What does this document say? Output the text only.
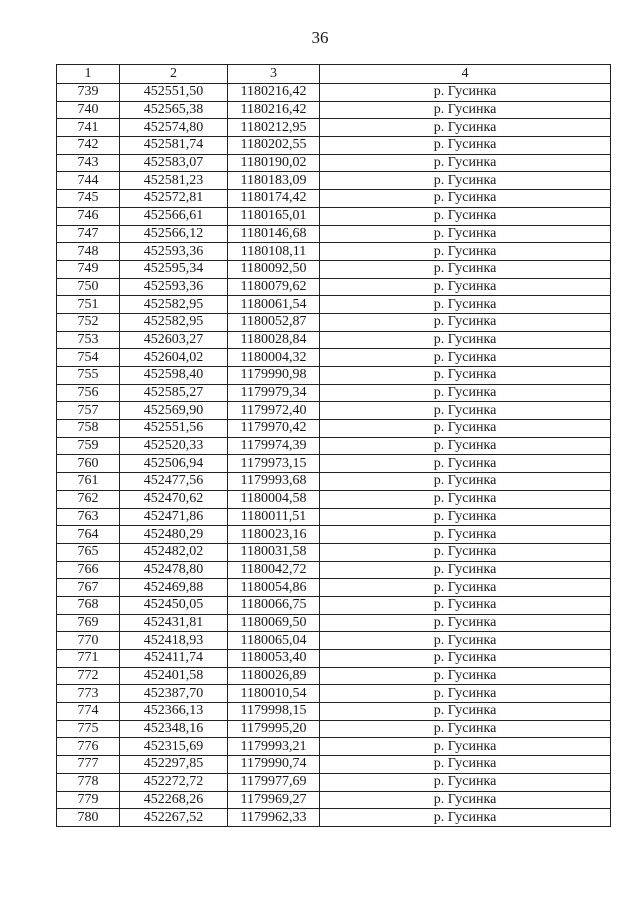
36
1	2	3	4
739	452551,50	1180216,42	р. Гусинка
740	452565,38	1180216,42	р. Гусинка
741	452574,80	1180212,95	р. Гусинка
742	452581,74	1180202,55	р. Гусинка
743	452583,07	1180190,02	р. Гусинка
744	452581,23	1180183,09	р. Гусинка
745	452572,81	1180174,42	р. Гусинка
746	452566,61	1180165,01	р. Гусинка
747	452566,12	1180146,68	р. Гусинка
748	452593,36	1180108,11	р. Гусинка
749	452595,34	1180092,50	р. Гусинка
750	452593,36	1180079,62	р. Гусинка
751	452582,95	1180061,54	р. Гусинка
752	452582,95	1180052,87	р. Гусинка
753	452603,27	1180028,84	р. Гусинка
754	452604,02	1180004,32	р. Гусинка
755	452598,40	1179990,98	р. Гусинка
756	452585,27	1179979,34	р. Гусинка
757	452569,90	1179972,40	р. Гусинка
758	452551,56	1179970,42	р. Гусинка
759	452520,33	1179974,39	р. Гусинка
760	452506,94	1179973,15	р. Гусинка
761	452477,56	1179993,68	р. Гусинка
762	452470,62	1180004,58	р. Гусинка
763	452471,86	1180011,51	р. Гусинка
764	452480,29	1180023,16	р. Гусинка
765	452482,02	1180031,58	р. Гусинка
766	452478,80	1180042,72	р. Гусинка
767	452469,88	1180054,86	р. Гусинка
768	452450,05	1180066,75	р. Гусинка
769	452431,81	1180069,50	р. Гусинка
770	452418,93	1180065,04	р. Гусинка
771	452411,74	1180053,40	р. Гусинка
772	452401,58	1180026,89	р. Гусинка
773	452387,70	1180010,54	р. Гусинка
774	452366,13	1179998,15	р. Гусинка
775	452348,16	1179995,20	р. Гусинка
776	452315,69	1179993,21	р. Гусинка
777	452297,85	1179990,74	р. Гусинка
778	452272,72	1179977,69	р. Гусинка
779	452268,26	1179969,27	р. Гусинка
780	452267,52	1179962,33	р. Гусинка
